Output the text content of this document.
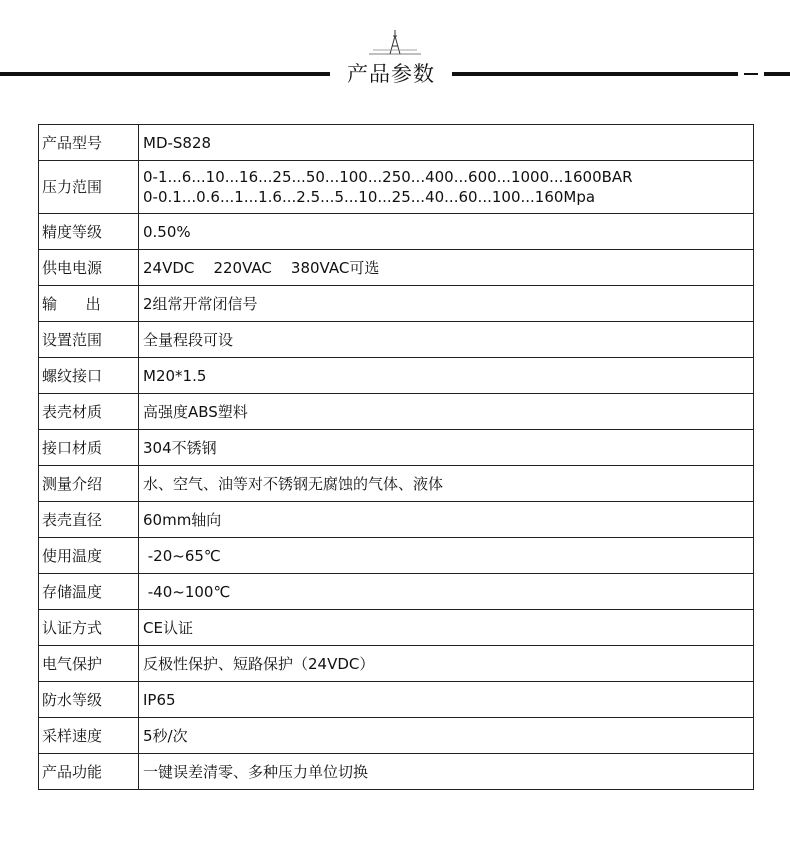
产品参数
产品型号	MD-S828
压力范围	0-1...6...10...16...25...50...100...250...400...600...1000...1600BAR
0-0.1...0.6...1...1.6...2.5...5...10...25...40...60...100...160Mpa

精度等级	0.50%
供电电源	24VDC    220VAC    380VAC可选
输      出	2组常开常闭信号
设置范围	全量程段可设
螺纹接口	M20*1.5
表壳材质	高强度ABS塑料
接口材质	304不锈钢
测量介绍	水、空气、油等对不锈钢无腐蚀的气体、液体
表壳直径	60mm轴向
使用温度	-20~65℃
存储温度	-40~100℃
认证方式	CE认证
电气保护	反极性保护、短路保护（24VDC）
防水等级	IP65
采样速度	5秒/次
产品功能	一键误差清零、多种压力单位切换
